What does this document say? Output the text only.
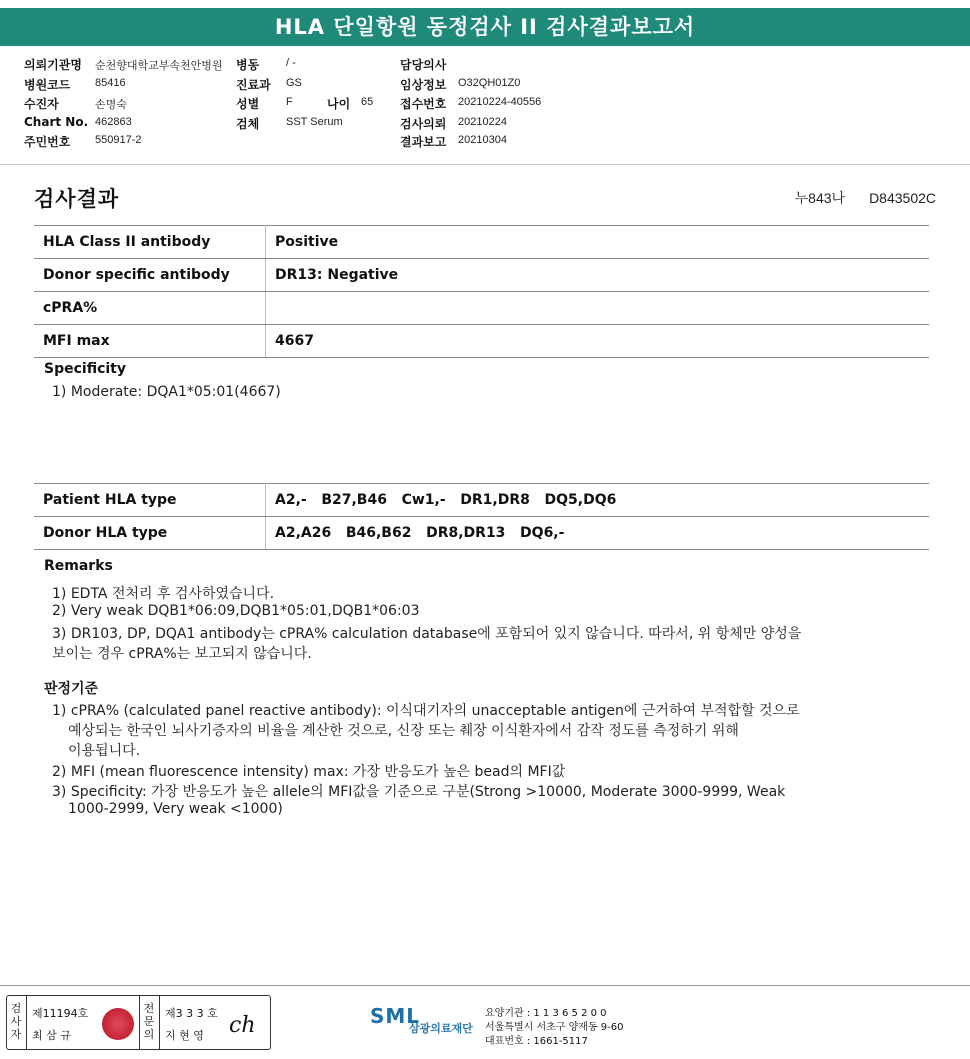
HLA 단일항원 동정검사 II 검사결과보고서
의뢰기관명 순천향대학교부속천안병원
병원코드 85416
수진자	손명숙
Chart No. 462863
주민번호 550917-2
병동 / -
진료과 GS
성별 F	나이 65
검체 SST Serum
담당의사
임상정보 O32QH01Z0
접수번호 20210224-40556
검사의뢰 20210224
결과보고 20210304
검사결과	누843나 D843502C
HLA Class II antibody	Positive
Donor specific antibody	DR13: Negative
cPRA%	
MFI max	4667
Specificity
1) Moderate: DQA1*05:01(4667)
Patient HLA type	A2,-   B27,B46   Cw1,-   DR1,DR8   DQ5,DQ6
Donor HLA type	A2,A26   B46,B62   DR8,DR13   DQ6,-
Remarks
1) EDTA 전처리 후 검사하였습니다.
2) Very weak DQB1*06:09,DQB1*05:01,DQB1*06:03
3) DR103, DP, DQA1 antibody는 cPRA% calculation database에 포함되어 있지 않습니다. 따라서, 위 항체만 양성을
보이는 경우 cPRA%는 보고되지 않습니다.
판정기준
1) cPRA% (calculated panel reactive antibody): 이식대기자의 unacceptable antigen에 근거하여 부적합할 것으로
예상되는 한국인 뇌사기증자의 비율을 계산한 것으로, 신장 또는 췌장 이식환자에서 감작 정도를 측정하기 위해
이용됩니다.
2) MFI (mean fluorescence intensity) max: 가장 반응도가 높은 bead의 MFI값
3) Specificity: 가장 반응도가 높은 allele의 MFI값을 기준으로 구분(Strong >10000, Moderate 3000-9999, Weak
1000-2999, Very weak <1000)
검사자
제11194호
최 삼 규
전문의
제3 3 3 호
지 현 영 ch	SML
삼광의료재단
요양기관 : 1 1 3 6 5 2 0 0
서울특별시 서초구 양재동 9-60
대표번호 : 1661-5117
